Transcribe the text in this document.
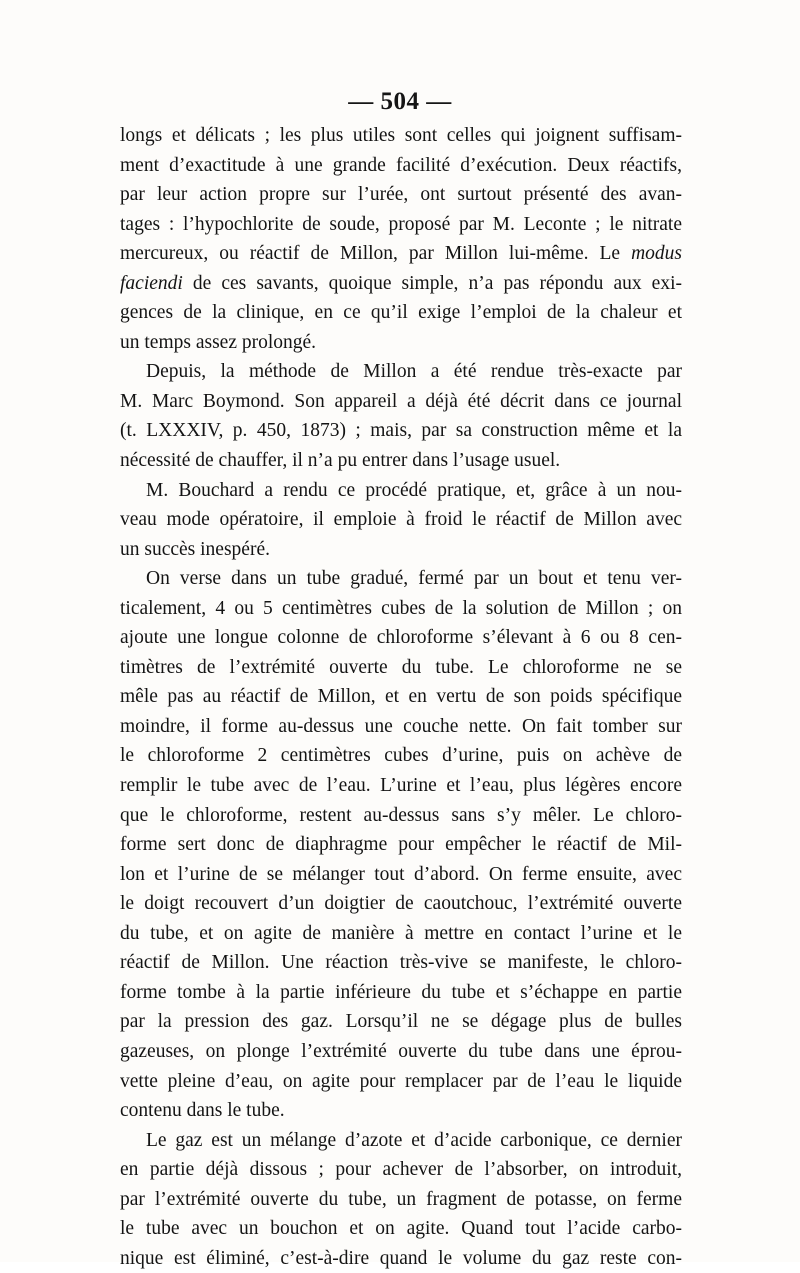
— 504 —
longs et délicats ; les plus utiles sont celles qui joignent suffisam-
ment d’exactitude à une grande facilité d’exécution. Deux réactifs,
par leur action propre sur l’urée, ont surtout présenté des avan-
tages : l’hypochlorite de soude, proposé par M. Leconte ; le nitrate
mercureux, ou réactif de Millon, par Millon lui-même. Le modus
faciendi de ces savants, quoique simple, n’a pas répondu aux exi-
gences de la clinique, en ce qu’il exige l’emploi de la chaleur et
un temps assez prolongé.
Depuis, la méthode de Millon a été rendue très-exacte par
M. Marc Boymond. Son appareil a déjà été décrit dans ce journal
(t. LXXXIV, p. 450, 1873) ; mais, par sa construction même et la
nécessité de chauffer, il n’a pu entrer dans l’usage usuel.
M. Bouchard a rendu ce procédé pratique, et, grâce à un nou-
veau mode opératoire, il emploie à froid le réactif de Millon avec
un succès inespéré.
On verse dans un tube gradué, fermé par un bout et tenu ver-
ticalement, 4 ou 5 centimètres cubes de la solution de Millon ; on
ajoute une longue colonne de chloroforme s’élevant à 6 ou 8 cen-
timètres de l’extrémité ouverte du tube. Le chloroforme ne se
mêle pas au réactif de Millon, et en vertu de son poids spécifique
moindre, il forme au-dessus une couche nette. On fait tomber sur
le chloroforme 2 centimètres cubes d’urine, puis on achève de
remplir le tube avec de l’eau. L’urine et l’eau, plus légères encore
que le chloroforme, restent au-dessus sans s’y mêler. Le chloro-
forme sert donc de diaphragme pour empêcher le réactif de Mil-
lon et l’urine de se mélanger tout d’abord. On ferme ensuite, avec
le doigt recouvert d’un doigtier de caoutchouc, l’extrémité ouverte
du tube, et on agite de manière à mettre en contact l’urine et le
réactif de Millon. Une réaction très-vive se manifeste, le chloro-
forme tombe à la partie inférieure du tube et s’échappe en partie
par la pression des gaz. Lorsqu’il ne se dégage plus de bulles
gazeuses, on plonge l’extrémité ouverte du tube dans une éprou-
vette pleine d’eau, on agite pour remplacer par de l’eau le liquide
contenu dans le tube.
Le gaz est un mélange d’azote et d’acide carbonique, ce dernier
en partie déjà dissous ; pour achever de l’absorber, on introduit,
par l’extrémité ouverte du tube, un fragment de potasse, on ferme
le tube avec un bouchon et on agite. Quand tout l’acide carbo-
nique est éliminé, c’est-à-dire quand le volume du gaz reste con-
